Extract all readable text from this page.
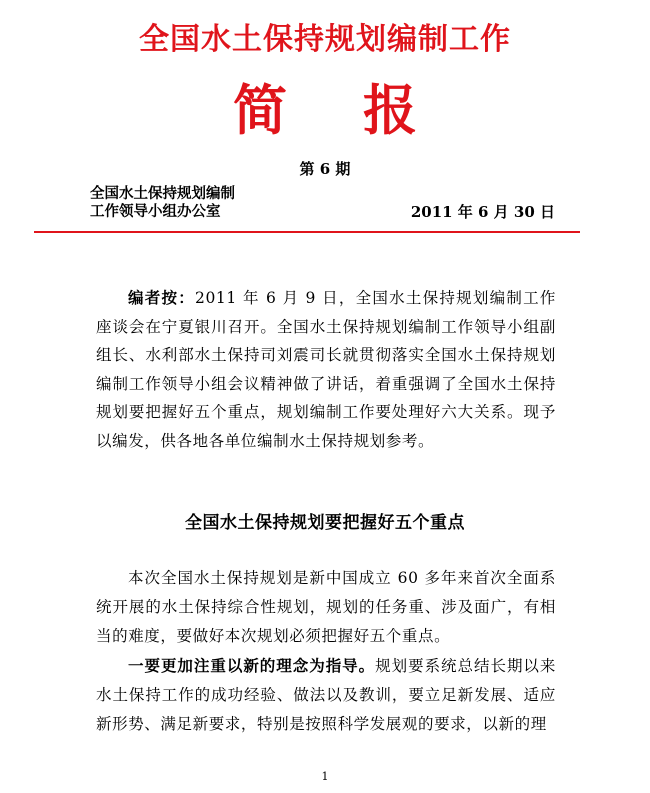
全国水土保持规划编制工作
简 报
第 6 期
全国水土保持规划编制
工作领导小组办公室	2011 年 6 月 30 日

编者按：2011 年 6 月 9 日，全国水土保持规划编制工作座谈会在宁夏银川召开。全国水土保持规划编制工作领导小组副组长、水利部水土保持司刘震司长就贯彻落实全国水土保持规划编制工作领导小组会议精神做了讲话，着重强调了全国水土保持规划要把握好五个重点，规划编制工作要处理好六大关系。现予以编发，供各地各单位编制水土保持规划参考。

全国水土保持规划要把握好五个重点

本次全国水土保持规划是新中国成立 60 多年来首次全面系统开展的水土保持综合性规划，规划的任务重、涉及面广，有相当的难度，要做好本次规划必须把握好五个重点。

一要更加注重以新的理念为指导。规划要系统总结长期以来水土保持工作的成功经验、做法以及教训，要立足新发展、适应新形势、满足新要求，特别是按照科学发展观的要求，以新的理

1
